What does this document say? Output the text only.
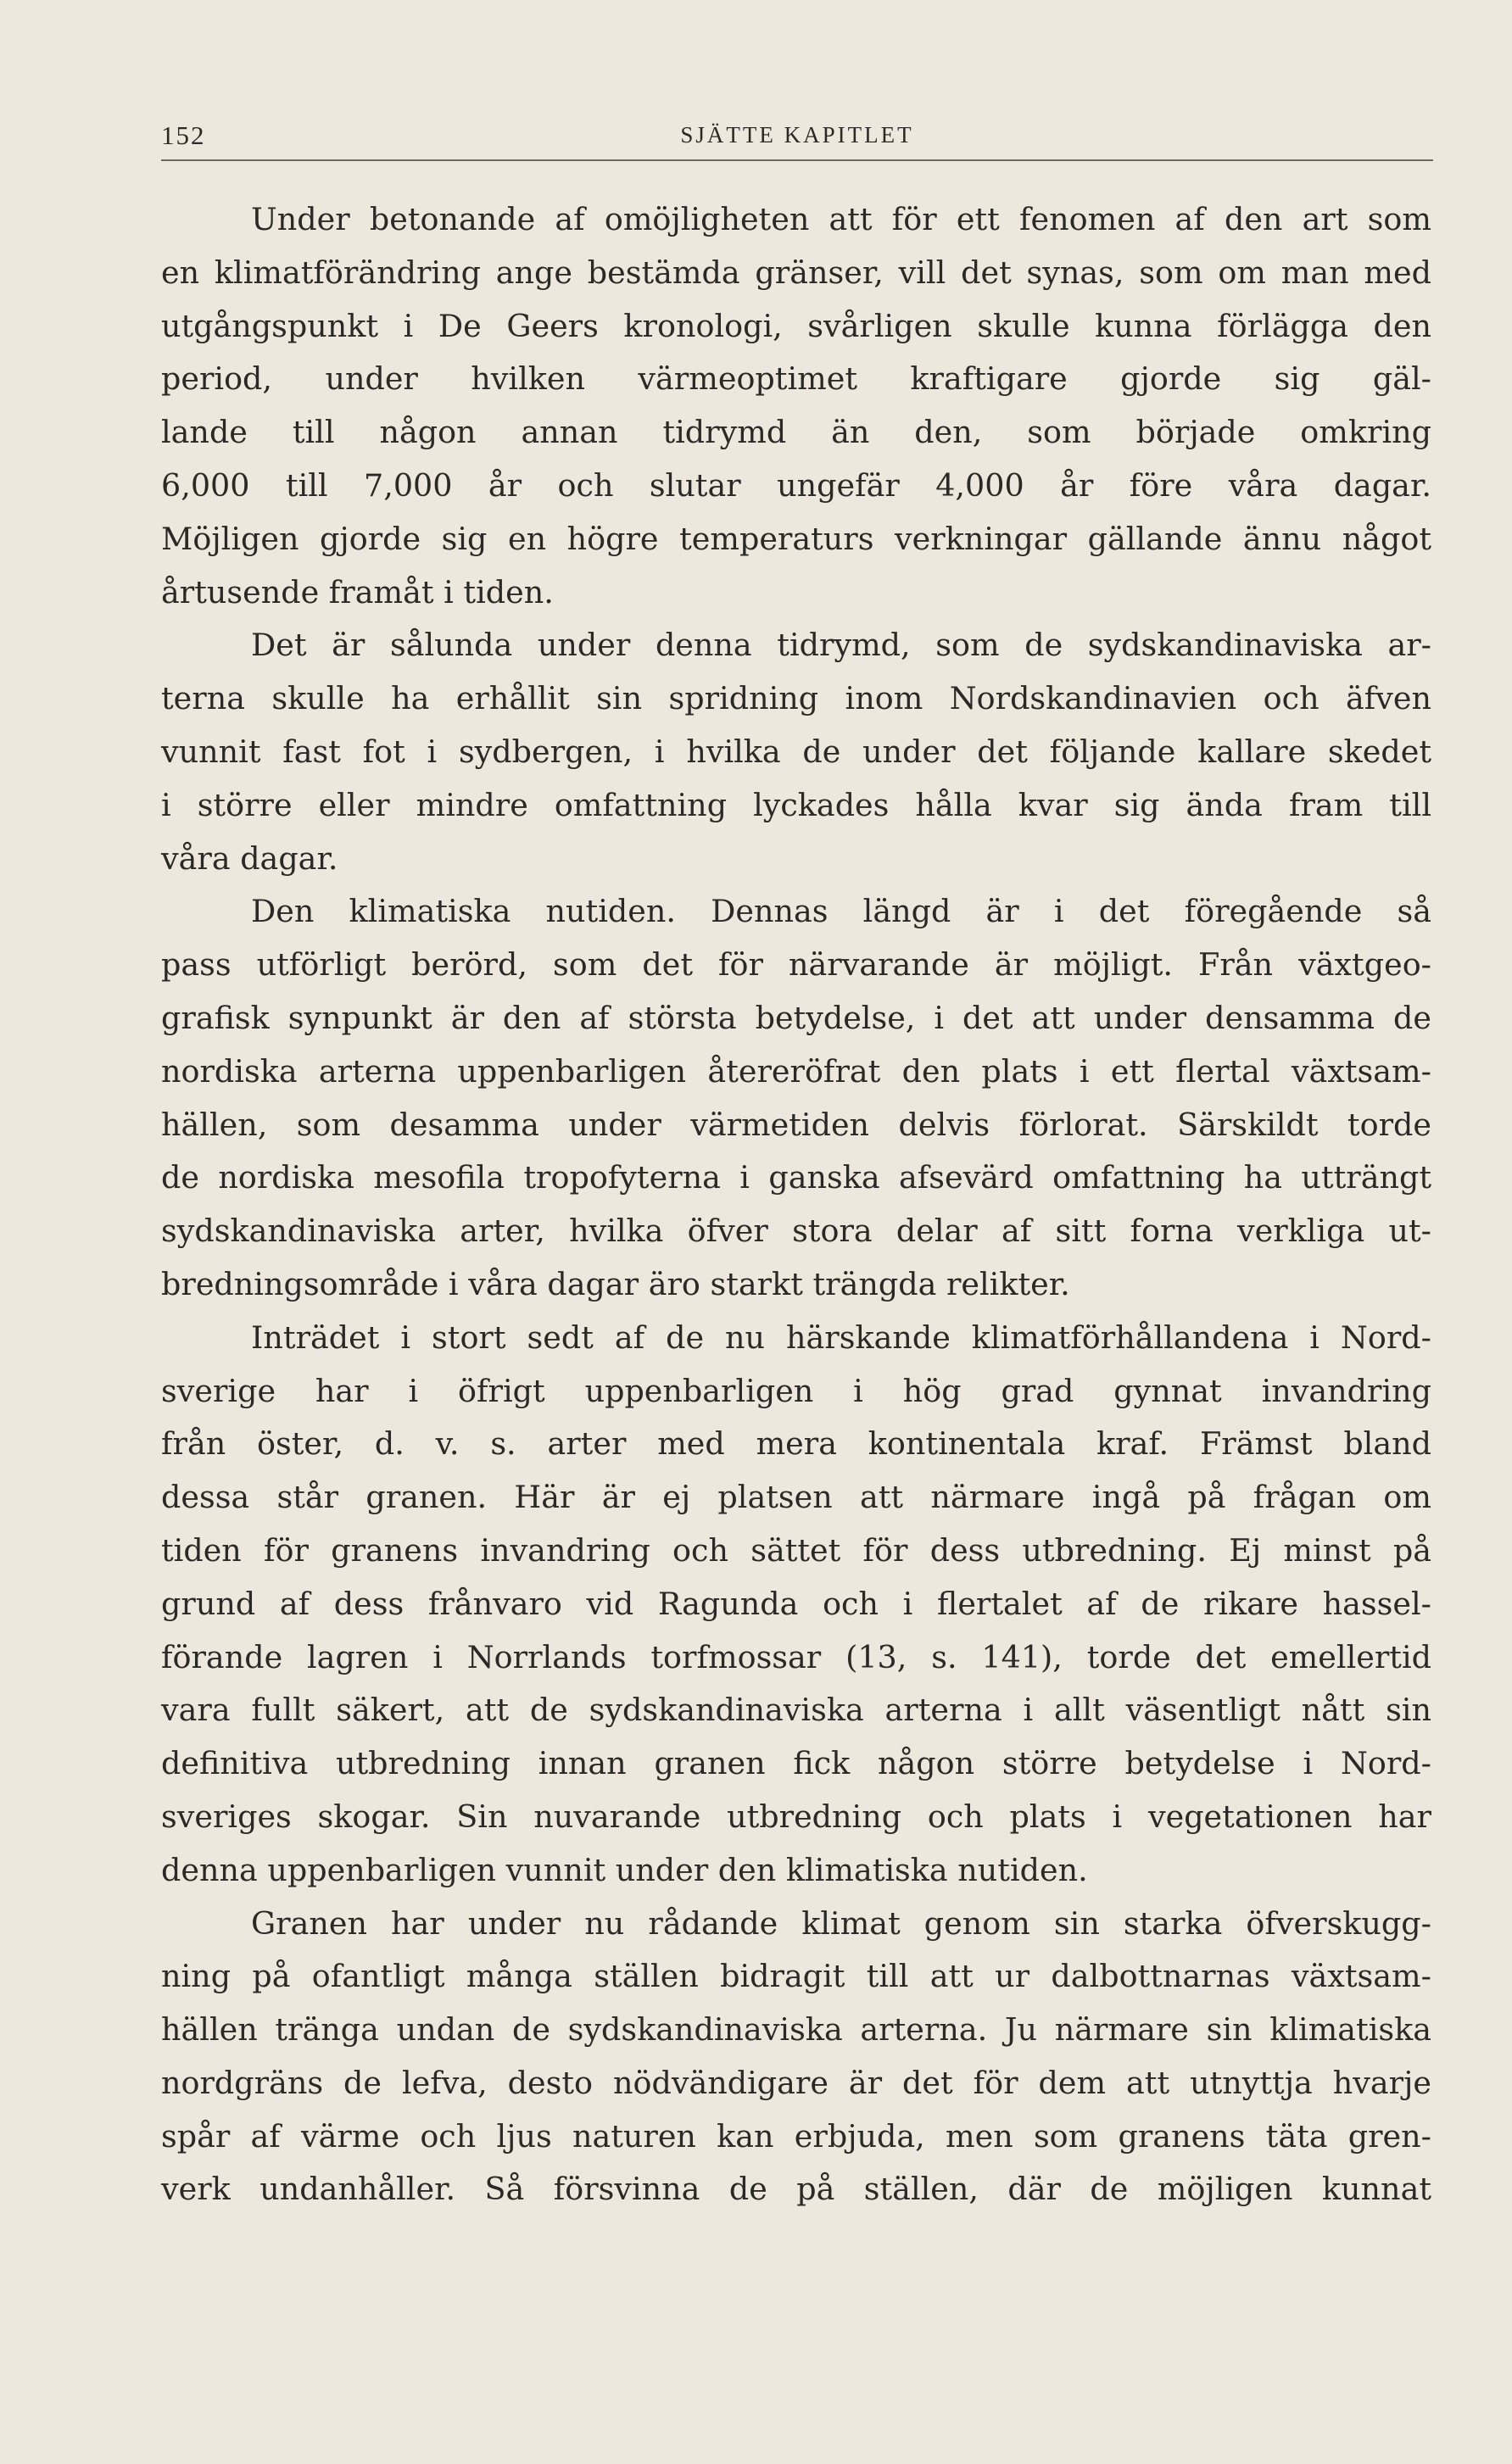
152	SJÄTTE KAPITLET
Under betonande af omöjligheten att för ett fenomen af den art som
en klimatförändring ange bestämda gränser, vill det synas, som om man med
utgångspunkt i De Geers kronologi, svårligen skulle kunna förlägga den
period, under hvilken värmeoptimet kraftigare gjorde sig gäl-
lande till någon annan tidrymd än den, som började omkring
6,000 till 7,000 år och slutar ungefär 4,000 år före våra dagar.
Möjligen gjorde sig en högre temperaturs verkningar gällande ännu något
årtusende framåt i tiden.
Det är sålunda under denna tidrymd, som de sydskandinaviska ar-
terna skulle ha erhållit sin spridning inom Nordskandinavien och äfven
vunnit fast fot i sydbergen, i hvilka de under det följande kallare skedet
i större eller mindre omfattning lyckades hålla kvar sig ända fram till
våra dagar.
Den klimatiska nutiden. Dennas längd är i det föregående så
pass utförligt berörd, som det för närvarande är möjligt. Från växtgeo-
grafisk synpunkt är den af största betydelse, i det att under densamma de
nordiska arterna uppenbarligen återeröfrat den plats i ett flertal växtsam-
hällen, som desamma under värmetiden delvis förlorat. Särskildt torde
de nordiska mesofila tropofyterna i ganska afsevärd omfattning ha utträngt
sydskandinaviska arter, hvilka öfver stora delar af sitt forna verkliga ut-
bredningsområde i våra dagar äro starkt trängda relikter.
Inträdet i stort sedt af de nu härskande klimatförhållandena i Nord-
sverige har i öfrigt uppenbarligen i hög grad gynnat invandring
från öster, d. v. s. arter med mera kontinentala kraf. Främst bland
dessa står granen. Här är ej platsen att närmare ingå på frågan om
tiden för granens invandring och sättet för dess utbredning. Ej minst på
grund af dess frånvaro vid Ragunda och i flertalet af de rikare hassel-
förande lagren i Norrlands torfmossar (13, s. 141), torde det emellertid
vara fullt säkert, att de sydskandinaviska arterna i allt väsentligt nått sin
definitiva utbredning innan granen fick någon större betydelse i Nord-
sveriges skogar. Sin nuvarande utbredning och plats i vegetationen har
denna uppenbarligen vunnit under den klimatiska nutiden.
Granen har under nu rådande klimat genom sin starka öfverskugg-
ning på ofantligt många ställen bidragit till att ur dalbottnarnas växtsam-
hällen tränga undan de sydskandinaviska arterna. Ju närmare sin klimatiska
nordgräns de lefva, desto nödvändigare är det för dem att utnyttja hvarje
spår af värme och ljus naturen kan erbjuda, men som granens täta gren-
verk undanhåller. Så försvinna de på ställen, där de möjligen kunnat
